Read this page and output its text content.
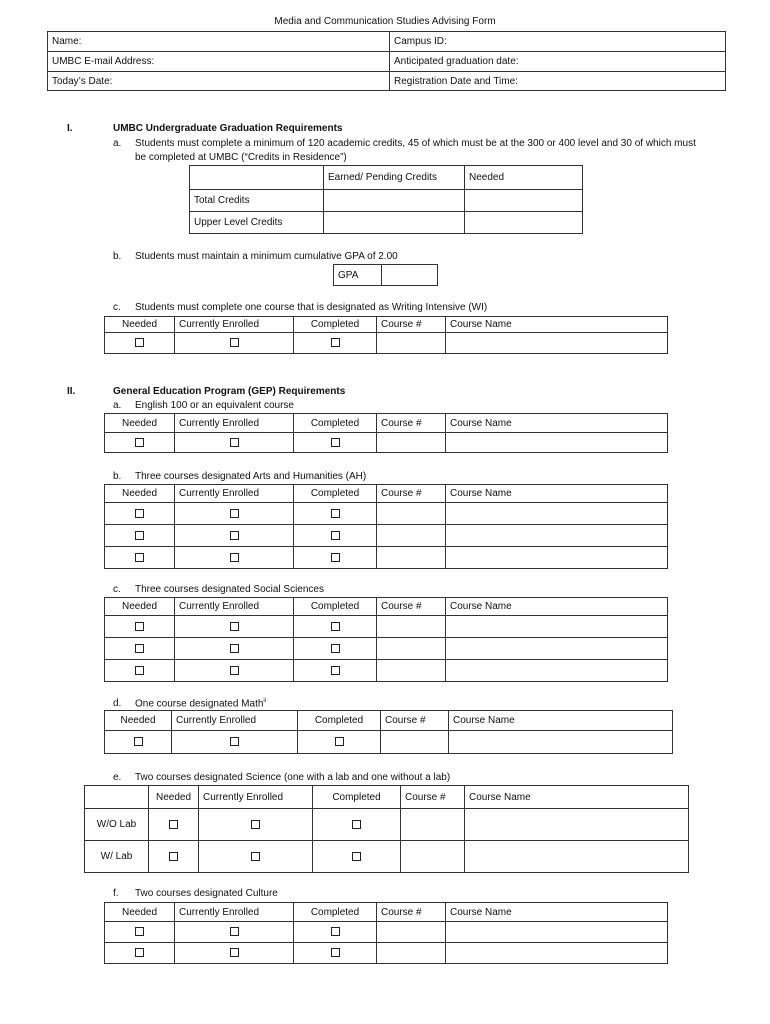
Media and Communication Studies Advising Form
Name:	Campus ID:
UMBC E-mail Address:	Anticipated graduation date:
Today’s Date:	Registration Date and Time:
I.	UMBC Undergraduate Graduation Requirements
a. Students must complete a minimum of 120 academic credits, 45 of which must be at the 300 or 400 level and 30 of which must
be completed at UMBC (“Credits in Residence”)
	Earned/ Pending Credits	Needed
Total Credits		
Upper Level Credits		
b. Students must maintain a minimum cumulative GPA of 2.00
GPA	
c. Students must complete one course that is designated as Writing Intensive (WI)
Needed	Currently Enrolled	Completed	Course #	Course Name

II.	General Education Program (GEP) Requirements
a. English 100 or an equivalent course
Needed	Currently Enrolled	Completed	Course #	Course Name

b. Three courses designated Arts and Humanities (AH)
Needed	Currently Enrolled	Completed	Course #	Course Name

c. Three courses designated Social Sciences
Needed	Currently Enrolled	Completed	Course #	Course Name

d. One course designated Math$^{ii}$
Needed	Currently Enrolled	Completed	Course #	Course Name

e. Two courses designated Science (one with a lab and one without a lab)
	Needed	Currently Enrolled	Completed	Course #	Course Name
W/O Lab					
W/ Lab					
f. Two courses designated Culture
Needed	Currently Enrolled	Completed	Course #	Course Name
